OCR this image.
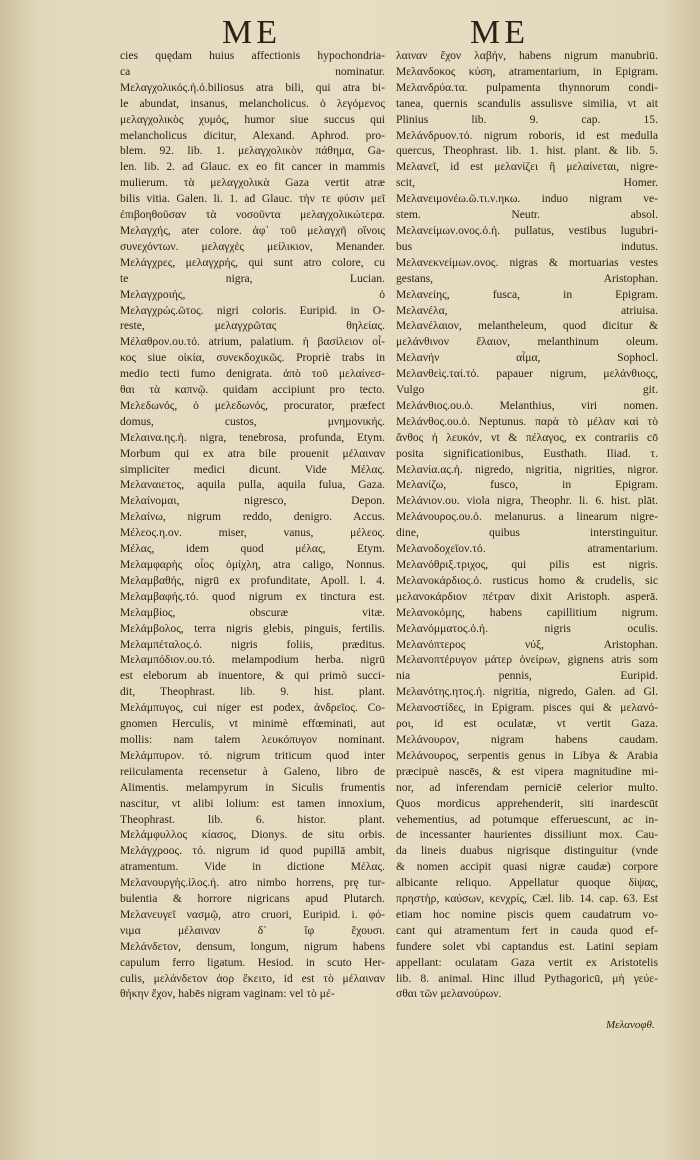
ME	ME
cies quędam huius affectionis hypochondria-
ca nominatur.
Μελαγχολικός.ἡ.ό.biliosus atra bili, qui atra bi-
le abundat, insanus, melancholicus. ὁ λεγόμενος
μελαγχολικὸς χυμός, humor siue succus qui
melancholicus dicitur, Alexand. Aphrod. pro-
blem. 92. lib. 1. μελαγχολικὸν πάθημα, Ga-
len. lib. 2. ad Glauc. ex eo fit cancer in mammis
mulierum. τὰ μελαγχολικὰ Gaza vertit atræ
bilis vitia. Galen. li. 1. ad Glauc. τὴν τε φύσιν μεῖ
ἐπιβοηθοῦσαν τὰ νοσοῦντα μελαγχολικώτερα.
Μελαγχής, ater colore. ἀφ᾽ τοῦ μελαγχῆ οἴνοις
συνεχόντων. μελαγχὲς μείλικιον, Menander.
Μελάγχρες, μελαγχρής, qui sunt atro colore, cu
te nigra, Lucian.
Μελαγχροιής, ὁ
Μελαγχρώς.ῶτος. nigri coloris. Euripid. in O-
reste, μελαγχρῶτας θηλείας.
Μέλαθρον.ου.τό. atrium, palatium. ἡ βασίλειον οἶ-
κος siue οἰκία, συνεκδοχικῶς. Propriè trabs in
medio tecti fumo denigrata. ἀπὸ τοῦ μελαίνεσ-
θαι τὰ καπνῷ. quidam accipiunt pro tecto.
Μελεδωνός, ὁ μελεδωνός, procurator, præfect
domus, custos, μνημονικής.
Μελαινα.ης.ἡ. nigra, tenebrosa, profunda, Etym.
Morbum qui ex atra bile prouenit μέλαιναν
simpliciter medici dicunt. Vide Μέλας.
Μελαναιετος, aquila pulla, aquila fulua, Gaza.
Μελαίνομαι, nigresco, Depon.
Μελαίνω, nigrum reddo, denigro. Accus.
Μέλεος.η.ον. miser, vanus, μέλεος.
Μέλας, idem quod μέλας, Etym.
Μελαμφαρὴς οἶος ὀμίχλη, atra caligo, Nonnus.
Μελαμβαθής, nigrū ex profunditate, Apoll. l. 4.
Μελαμβαφής.τό. quod nigrum ex tinctura est.
Μελαμβίος, obscuræ vitæ.
Μελάμβολος, terra nigris glebis, pinguis, fertilis.
Μελαμπέταλος.ό. nigris foliis, præditus.
Μελαμπόδιον.ου.τό. melampodium herba. nigrū
est eleborum ab inuentore, & qui primò succi-
dit, Theophrast. lib. 9. hist. plant.
Μελάμπυγος, cui niger est podex, ἀνδρεῖος. Co-
gnomen Herculis, vt minimè effœminati, aut
mollis: nam talem λευκόπυγον nominant.
Μελάμπυρον. τό. nigrum triticum quod inter
reiiculamenta recensetur à Galeno, libro de
Alimentis. melampyrum in Siculis frumentis
nascitur, vt alibi lolium: est tamen innoxium,
Theophrast. lib. 6. histor. plant.
Μελάμφυλλος κίασος, Dionys. de situ orbis.
Μελάγχροος. τό. nigrum id quod pupillā ambit,
atramentum. Vide in dictione Μέλας.
Μελανουργὴς.ἰλος.ἡ. atro nimbo horrens, prę tur-
bulentia & horrore nigricans apud Plutarch.
Μελανευγεῖ νασμῷ, atro cruori, Euripid. i. φό-
νιμα μέλαιναν δ᾽ ἴφ ἔχουσι.
Μελάνδετον, densum, longum, nigrum habens
capulum ferro ligatum. Hesiod. in scuto Her-
culis, μελάνδετον ἀορ ἔκειτο, id est τὸ μέλαιναν
θήκην ἔχον, habēs nigram vaginam: vel τὸ μέ-
λαιναν ἔχον λαβήν, habens nigrum manubriū.
Μελανδοκος κύση, atramentarium, in Epigram.
Μελανδρύα.τα. pulpamenta thynnorum condi-
tanea, quernis scandulis assulisve similia, vt ait
Plinius lib. 9. cap. 15.
Μελάνδρυον.τό. nigrum roboris, id est medulla
quercus, Theophrast. lib. 1. hist. plant. & lib. 5.
Μελανεῖ, id est μελανίζει ἢ μελαίνεται, nigre-
scit, Homer.
Μελανειμονέω.ῶ.τι.ν.ηκω. induo nigram ve-
stem. Neutr. absol.
Μελανείμων.ονος.ὁ.ἡ. pullatus, vestibus lugubri-
bus indutus.
Μελανεκνείμων.ονος. nigras & mortuarias vestes
gestans, Aristophan.
Μελανείης, fusca, in Epigram.
Μελανέλα, atriuisa.
Μελανέλαιον, melantheleum, quod dicitur &
μελάνθινον ἔλαιον, melanthinum oleum.
Μελανήν αἷμα, Sophocl.
Μελανθεὶς.ταί.τό. papauer nigrum, μελάνθιοςς,
Vulgo git.
Μελάνθιος.ου.ὁ. Melanthius, viri nomen.
Μελάνθος.ου.ὁ. Neptunus. παρὰ τὸ μέλαν καὶ τὸ
ἄνθος ἡ λευκόν, vt & πέλαγος, ex contrariis cō
posita significationibus, Eusthath. Iliad. τ.
Μελανία.ας.ἡ. nigredo, nigritia, nigrities, nigror.
Μελανίζω, fusco, in Epigram.
Μελάνιον.ου. viola nigra, Theophr. li. 6. hist. plāt.
Μελάνουρος.ου.ὁ. melanurus. a linearum nigre-
dine, quibus interstinguitur.
Μελανοδοχεῖον.τό. atramentarium.
Μελανόθριξ.τριχος, qui pilis est nigris.
Μελανοκάρδιος.ὁ. rusticus homo & crudelis, sic
μελανοκάρδιον πέτραν dixit Aristoph. asperā.
Μελανοκόμης, habens capillitium nigrum.
Μελανόμματος.ὁ.ἡ. nigris oculis.
Μελανόπτερος νύξ, Aristophan.
Μελανοπτέρυγον μάτερ ὀνείρων, gignens atris som
nia pennis, Euripid.
Μελανότης.ητος.ἡ. nigritia, nigredo, Galen. ad Gl.
Μελανοστίδες, in Epigram. pisces qui & μελανό-
ροι, id est oculatæ, vt vertit Gaza.
Μελάνουρον, nigram habens caudam.
Μελάνουρος, serpentis genus in Libya & Arabia
præcipuè nascēs, & est vipera magnitudine mi-
nor, ad inferendam perniciē celerior multo.
Quos mordicus apprehenderit, siti inardescūt
vehementius, ad potumque efferuescunt, ac in-
de incessanter haurientes dissiliunt mox. Cau-
da lineis duabus nigrisque distinguitur (vnde
& nomen accipit quasi nigræ caudæ) corpore
albicante reliquo. Appellatur quoque δίψας,
πρηστὴρ, καύσων, κενχρίς, Cæl. lib. 14. cap. 63. Est
etiam hoc nomine piscis quem caudatrum vo-
cant qui atramentum fert in cauda quod ef-
fundere solet vbi captandus est. Latini sepiam
appellant: oculatam Gaza vertit ex Aristotelis
lib. 8. animal. Hinc illud Pythagoricū, μὴ γεύε-
σθαι τῶν μελανούρων.
Μελανοφθ.
